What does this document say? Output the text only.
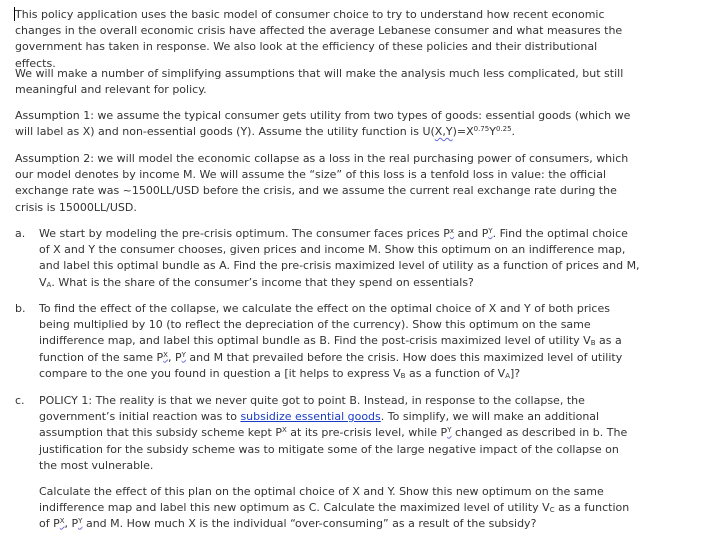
This policy application uses the basic model of consumer choice to try to understand how recent economic changes in the overall economic crisis have affected the average Lebanese consumer and what measures the government has taken in response. We also look at the efficiency of these policies and their distributional effects.

We will make a number of simplifying assumptions that will make the analysis much less complicated, but still meaningful and relevant for policy.

Assumption 1: we assume the typical consumer gets utility from two types of goods: essential goods (which we will label as X) and non-essential goods (Y). Assume the utility function is $U(X,Y)=X^{0.75}Y^{0.25}$.

Assumption 2: we will model the economic collapse as a loss in the real purchasing power of consumers, which our model denotes by income M. We will assume the “size” of this loss is a tenfold loss in value: the official exchange rate was ~1500LL/USD before the crisis, and we assume the current real exchange rate during the crisis is 15000LL/USD.

a.	We start by modeling the pre-crisis optimum. The consumer faces prices $P^x$ and $P^Y$. Find the optimal choice of X and Y the consumer chooses, given prices and income M. Show this optimum on an indifference map, and label this optimal bundle as A. Find the pre-crisis maximized level of utility as a function of prices and M, $V_A$. What is the share of the consumer’s income that they spend on essentials?
b.	To find the effect of the collapse, we calculate the effect on the optimal choice of X and Y of both prices being multiplied by 10 (to reflect the depreciation of the currency). Show this optimum on the same indifference map, and label this optimal bundle as B. Find the post-crisis maximized level of utility $V_B$ as a function of the same $P^X$, $P^Y$ and M that prevailed before the crisis. How does this maximized level of utility compare to the one you found in question a [it helps to express $V_B$ as a function of $V_A$]?
c.	POLICY 1: The reality is that we never quite got to point B. Instead, in response to the collapse, the government’s initial reaction was to subsidize essential goods. To simplify, we will make an additional assumption that this subsidy scheme kept $P^X$ at its pre-crisis level, while $P^Y$ changed as described in b. The justification for the subsidy scheme was to mitigate some of the large negative impact of the collapse on the most vulnerable.
Calculate the effect of this plan on the optimal choice of X and Y. Show this new optimum on the same indifference map and label this new optimum as C. Calculate the maximized level of utility $V_C$ as a function of $P^X$, $P^Y$ and M. How much X is the individual “over-consuming” as a result of the subsidy?
